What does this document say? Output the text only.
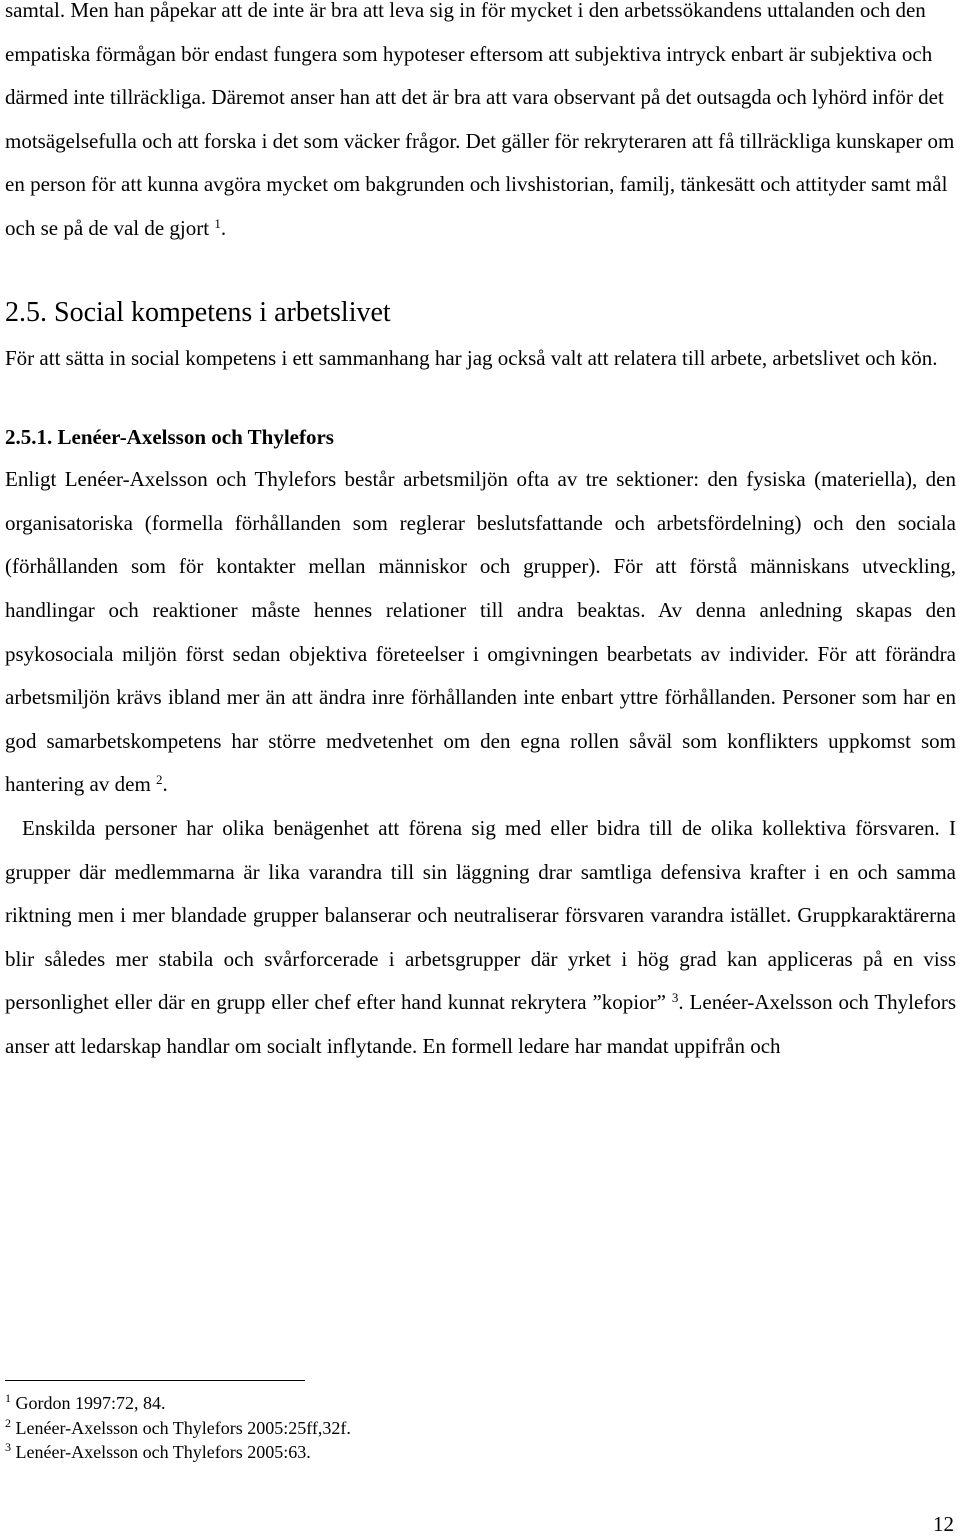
samtal. Men han påpekar att de inte är bra att leva sig in för mycket i den arbetssökandens uttalanden och den empatiska förmågan bör endast fungera som hypoteser eftersom att subjektiva intryck enbart är subjektiva och därmed inte tillräckliga. Däremot anser han att det är bra att vara observant på det outsagda och lyhörd inför det motsägelsefulla och att forska i det som väcker frågor. Det gäller för rekryteraren att få tillräckliga kunskaper om en person för att kunna avgöra mycket om bakgrunden och livshistorian, familj, tänkesätt och attityder samt mål och se på de val de gjort $^1$.

2.5. Social kompetens i arbetslivet

För att sätta in social kompetens i ett sammanhang har jag också valt att relatera till arbete, arbetslivet och kön.

2.5.1. Lenéer-Axelsson och Thylefors

Enligt Lenéer-Axelsson och Thylefors består arbetsmiljön ofta av tre sektioner: den fysiska (materiella), den organisatoriska (formella förhållanden som reglerar beslutsfattande och arbetsfördelning) och den sociala (förhållanden som för kontakter mellan människor och grupper). För att förstå människans utveckling, handlingar och reaktioner måste hennes relationer till andra beaktas. Av denna anledning skapas den psykosociala miljön först sedan objektiva företeelser i omgivningen bearbetats av individer. För att förändra arbetsmiljön krävs ibland mer än att ändra inre förhållanden inte enbart yttre förhållanden. Personer som har en god samarbetskompetens har större medvetenhet om den egna rollen såväl som konflikters uppkomst som hantering av dem $^2$.

Enskilda personer har olika benägenhet att förena sig med eller bidra till de olika kollektiva försvaren. I grupper där medlemmarna är lika varandra till sin läggning drar samtliga defensiva krafter i en och samma riktning men i mer blandade grupper balanserar och neutraliserar försvaren varandra istället. Gruppkaraktärerna blir således mer stabila och svårforcerade i arbetsgrupper där yrket i hög grad kan appliceras på en viss personlighet eller där en grupp eller chef efter hand kunnat rekrytera ”kopior” $^3$. Lenéer-Axelsson och Thylefors anser att ledarskap handlar om socialt inflytande. En formell ledare har mandat uppifrån och

$^1$ Gordon 1997:72, 84.

$^2$ Lenéer-Axelsson och Thylefors 2005:25ff,32f.

$^3$ Lenéer-Axelsson och Thylefors 2005:63.

12
